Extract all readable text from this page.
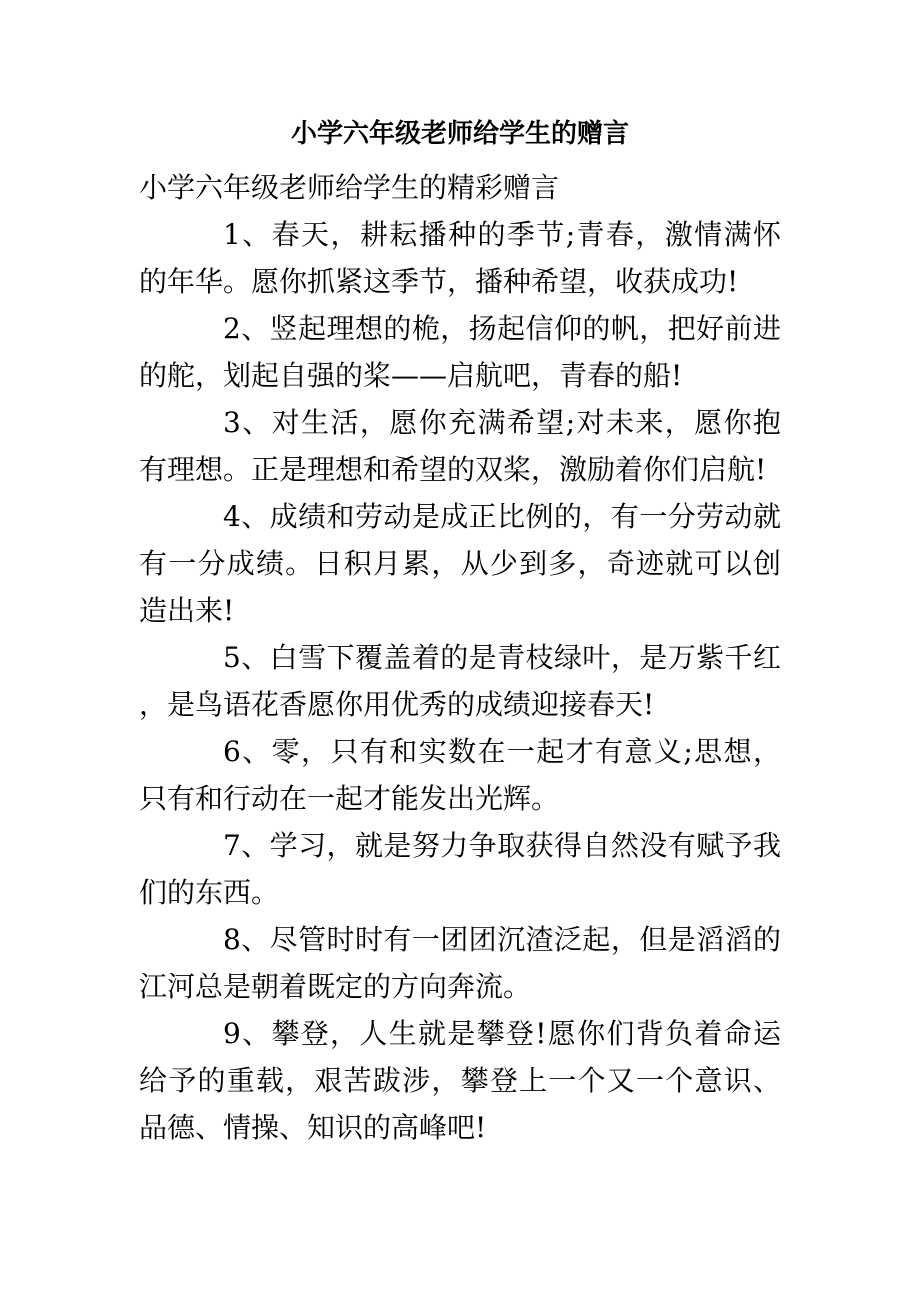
小学六年级老师给学生的赠言

小学六年级老师给学生的精彩赠言

1、春天，耕耘播种的季节;青春，激情满怀的年华。愿你抓紧这季节，播种希望，收获成功!

2、竖起理想的桅，扬起信仰的帆，把好前进的舵，划起自强的桨——启航吧，青春的船!

3、对生活，愿你充满希望;对未来，愿你抱有理想。正是理想和希望的双桨，激励着你们启航!

4、成绩和劳动是成正比例的，有一分劳动就有一分成绩。日积月累，从少到多，奇迹就可以创造出来!

5、白雪下覆盖着的是青枝绿叶，是万紫千红，是鸟语花香愿你用优秀的成绩迎接春天!

6、零，只有和实数在一起才有意义;思想，只有和行动在一起才能发出光辉。

7、学习，就是努力争取获得自然没有赋予我们的东西。

8、尽管时时有一团团沉渣泛起，但是滔滔的江河总是朝着既定的方向奔流。

9、攀登，人生就是攀登!愿你们背负着命运给予的重载，艰苦跋涉，攀登上一个又一个意识、品德、情操、知识的高峰吧!
